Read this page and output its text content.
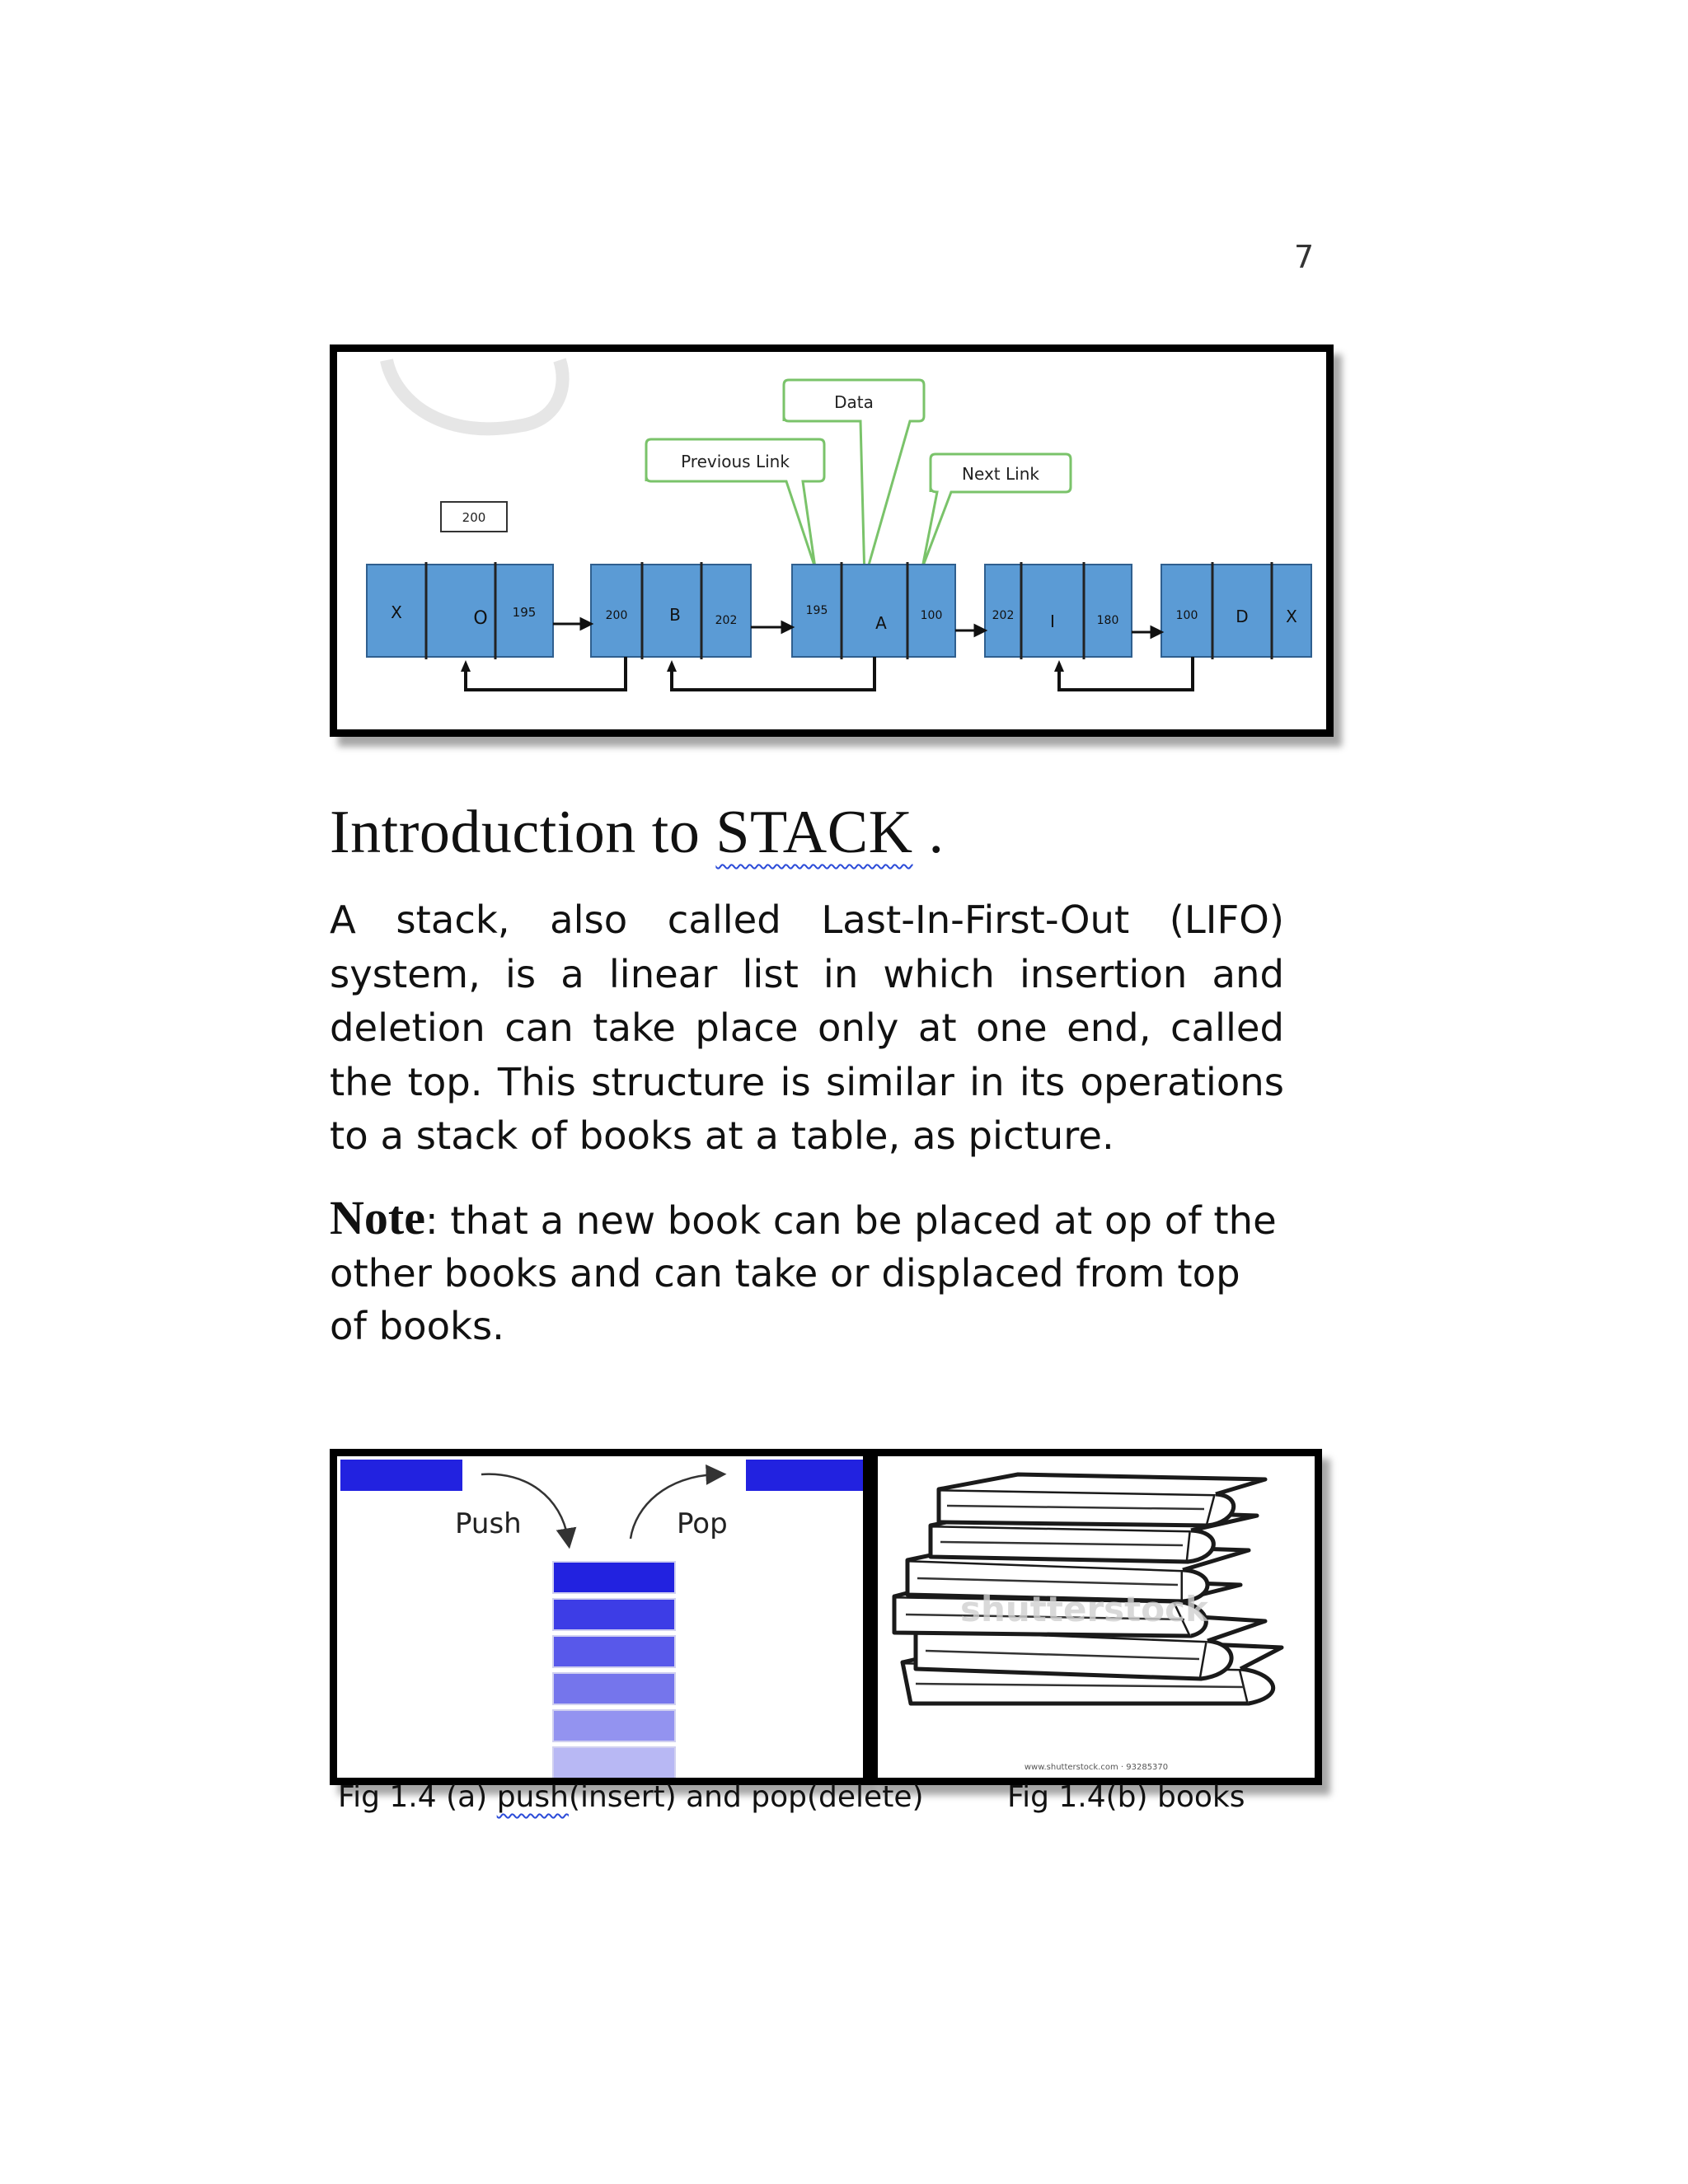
7
200
Previous Link
Data
Next Link
X	O 195	200	B	202
195
A	100	202 I	180	100 D X
Introduction to STACK .

A stack, also called Last-In-First-Out (LIFO) system, is a linear list in which insertion and deletion can take place only at one end, called the top. This structure is similar in its operations to a stack of books at a table, as picture.

Note: that a new book can be placed at op of the other books and can take or displaced from top of books.

Push	Pop
shutterstock
www.shutterstock.com · 93285370
Fig 1.4 (a) push(insert) and pop(delete)	Fig 1.4(b) books
